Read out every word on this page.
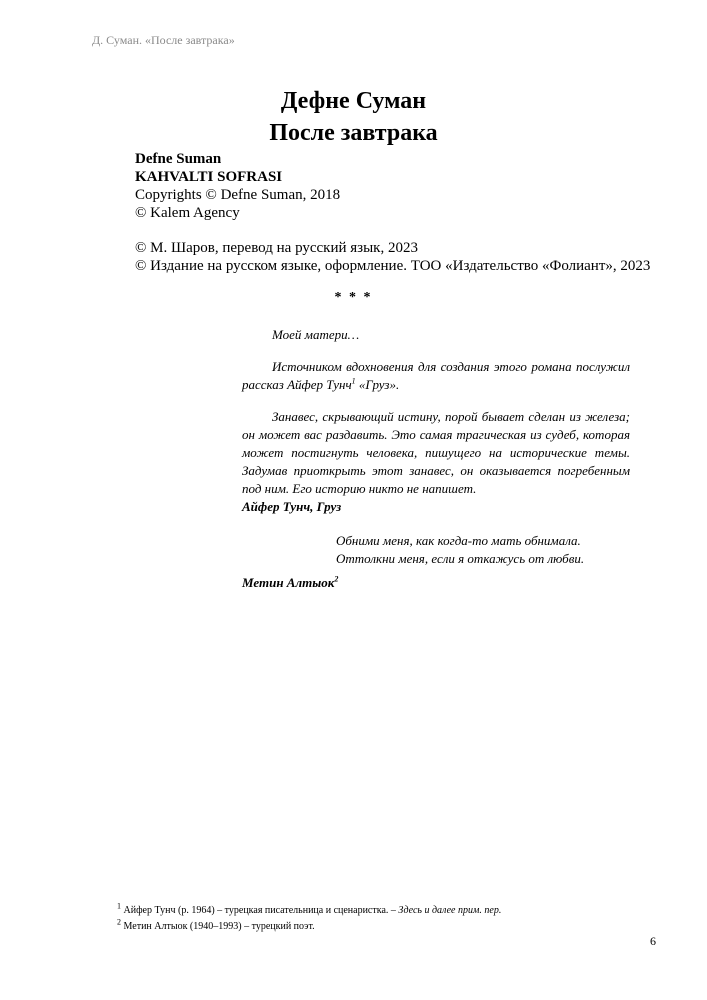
Д. Суман. «После завтрака»
Дефне Суман
После завтрака
Defne Suman
KAHVALTI SOFRASI
Copyrights © Defne Suman, 2018
© Kalem Agency
© М. Шаров, перевод на русский язык, 2023
© Издание на русском языке, оформление. ТОО «Издательство «Фолиант», 2023
* * *
Моей матери…
Источником вдохновения для создания этого романа послужил рассказ Айфер Тунч$^1$ «Груз».
Занавес, скрывающий истину, порой бывает сделан из железа; он может вас раздавить. Это самая трагическая из судеб, которая может постигнуть человека, пишущего на исторические темы. Задумав приоткрыть этот занавес, он оказывается погребенным под ним. Его историю никто не напишет.
Айфер Тунч, Груз
Обними меня, как когда-то мать обнимала.
Оттолкни меня, если я откажусь от любви.
Метин Алтыок$^2$
$^1$ Айфер Тунч (р. 1964) – турецкая писательница и сценаристка. – Здесь и далее прим. пер.
$^2$ Метин Алтыок (1940–1993) – турецкий поэт.
6
